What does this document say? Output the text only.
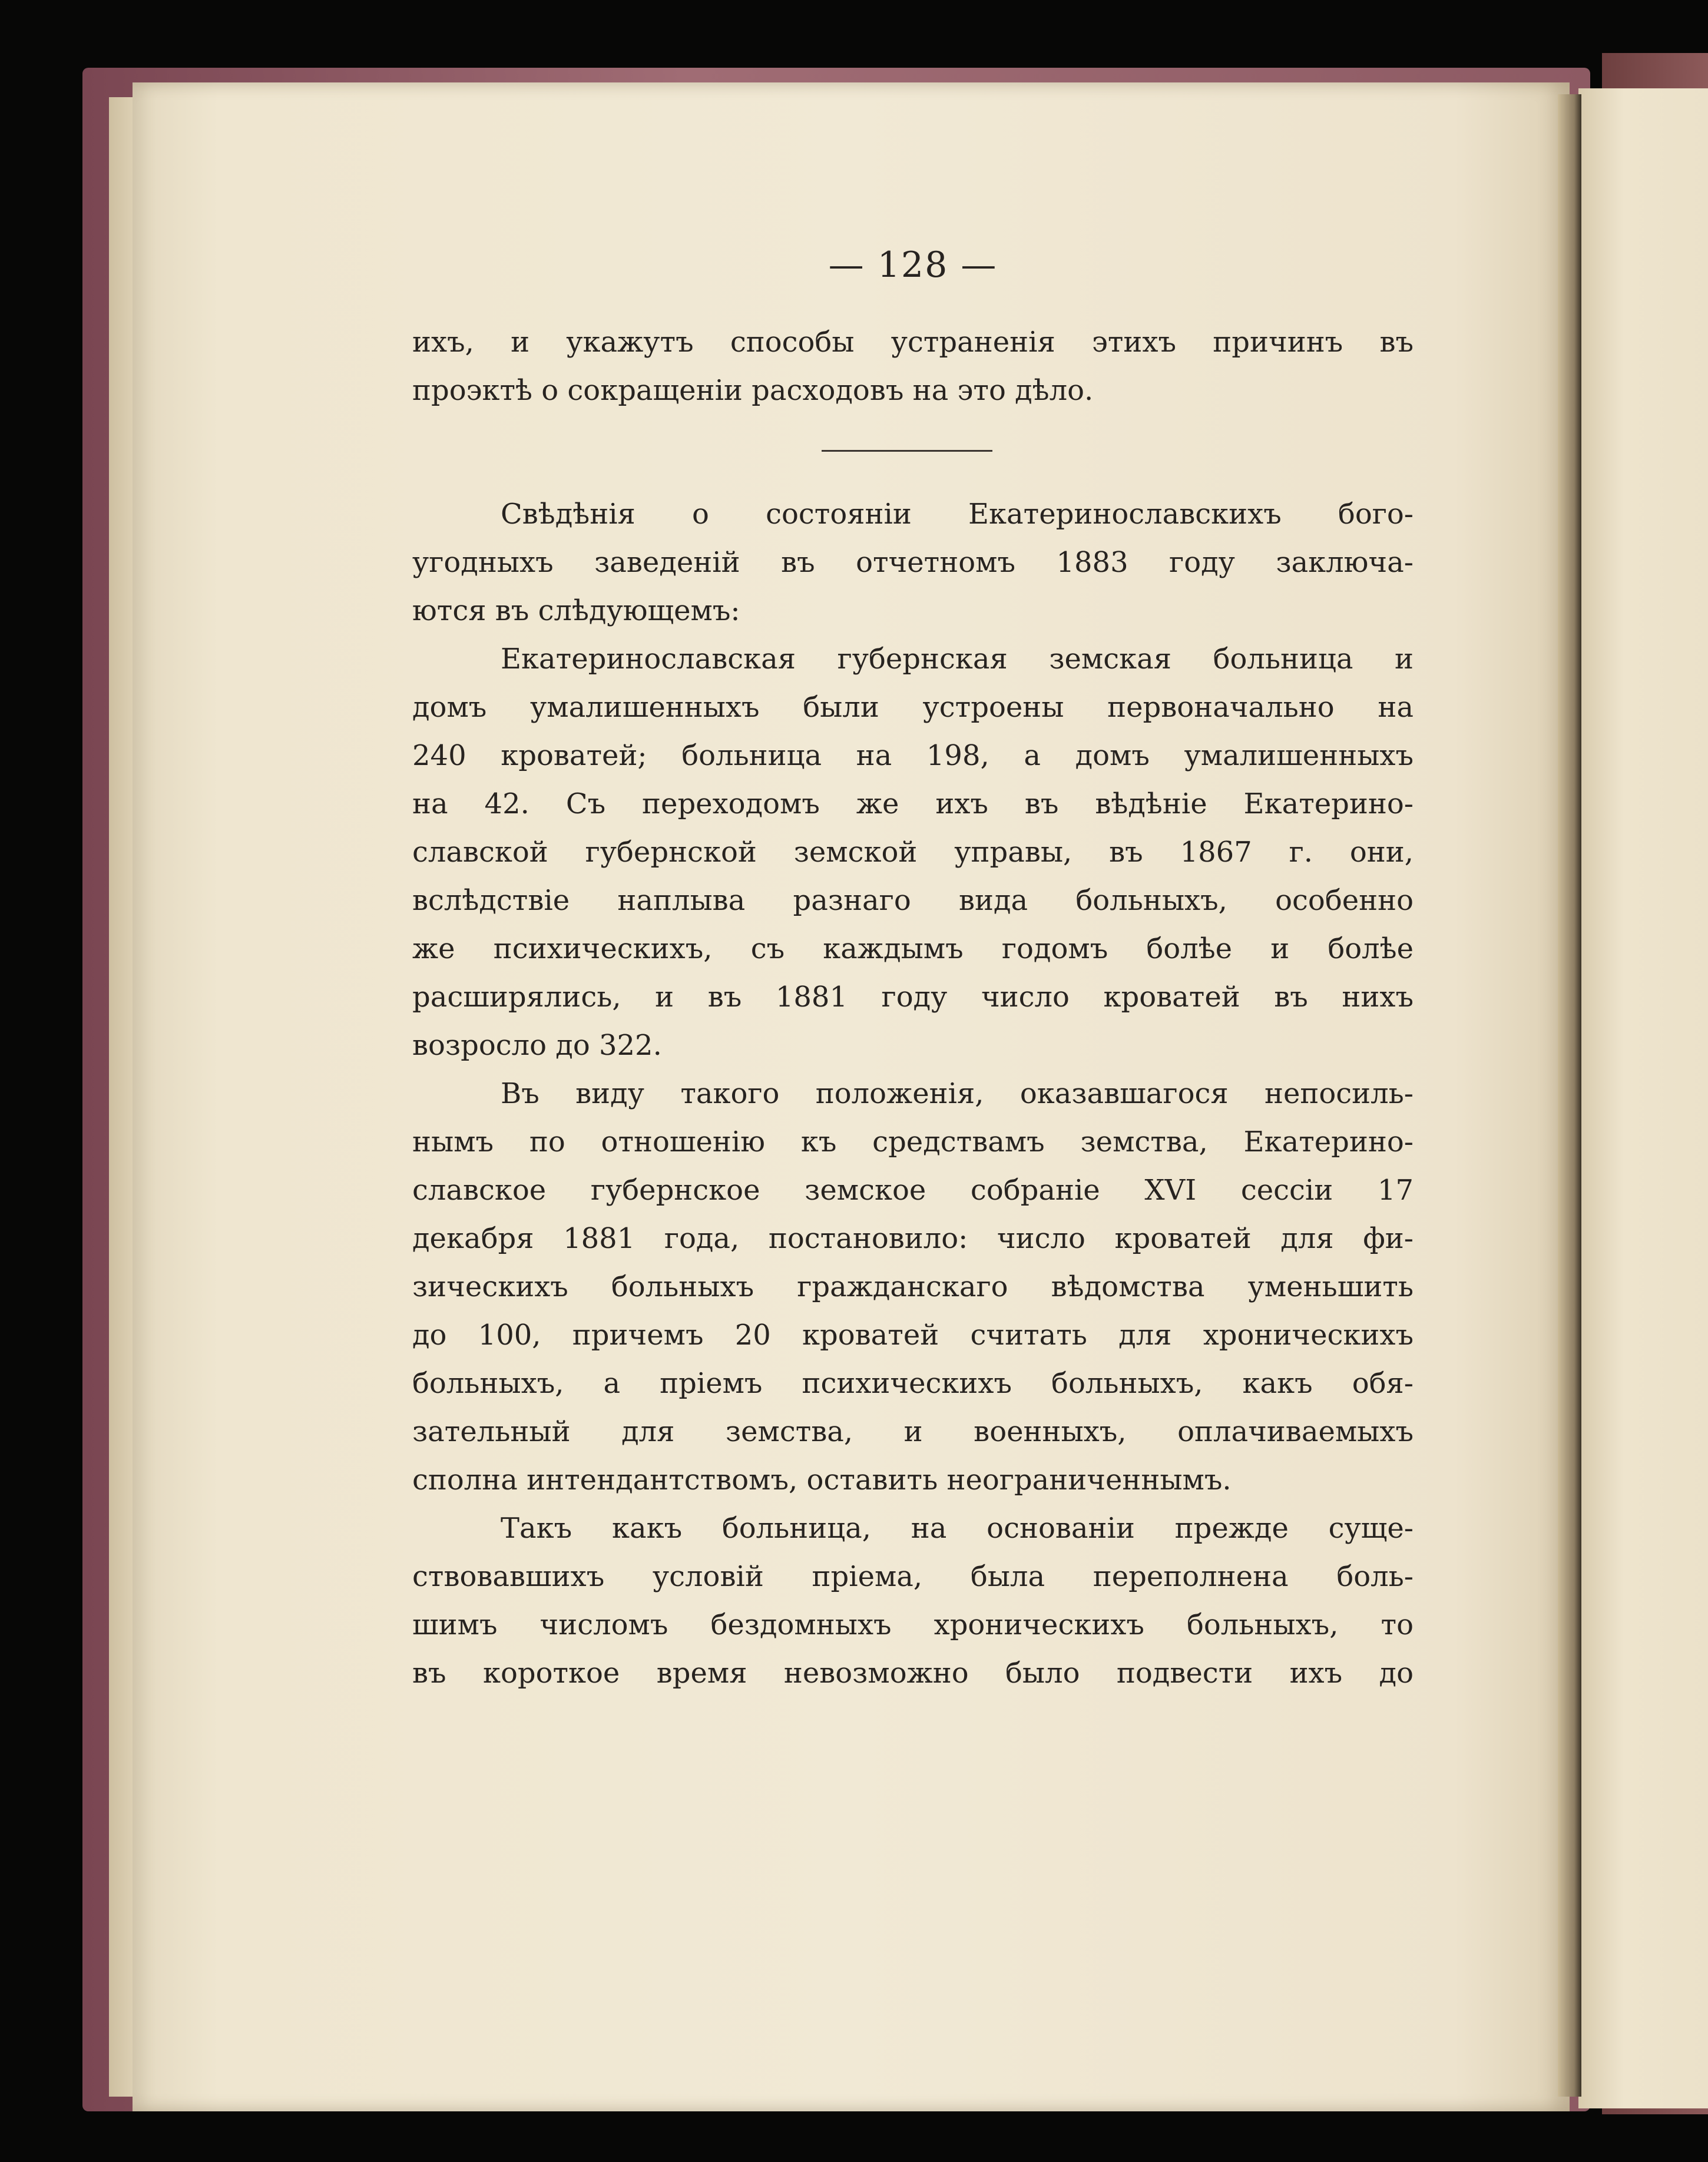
— 128 —
ихъ, и укажутъ способы устраненія этихъ причинъ въ
проэктѣ о сокращеніи расходовъ на это дѣло.
Свѣдѣнія о состояніи Екатеринославскихъ бого-
угодныхъ заведеній въ отчетномъ 1883 году заключа-
ются въ слѣдующемъ:
Екатеринославская губернская земская больница и
домъ умалишенныхъ были устроены первоначально на
240 кроватей; больница на 198, а домъ умалишенныхъ
на 42. Съ переходомъ же ихъ въ вѣдѣніе Екатерино-
славской губернской земской управы, въ 1867 г. они,
вслѣдствіе наплыва разнаго вида больныхъ, особенно
же психическихъ, съ каждымъ годомъ болѣе и болѣе
расширялись, и въ 1881 году число кроватей въ нихъ
возросло до 322.
Въ виду такого положенія, оказавшагося непосиль-
нымъ по отношенію къ средствамъ земства, Екатерино-
славское губернское земское собраніе XVI сессіи 17
декабря 1881 года, постановило: число кроватей для фи-
зическихъ больныхъ гражданскаго вѣдомства уменьшить
до 100, причемъ 20 кроватей считать для хроническихъ
больныхъ, а пріемъ психическихъ больныхъ, какъ обя-
зательный для земства, и военныхъ, оплачиваемыхъ
сполна интендантствомъ, оставить неограниченнымъ.
Такъ какъ больница, на основаніи прежде суще-
ствовавшихъ условій пріема, была переполнена боль-
шимъ числомъ бездомныхъ хроническихъ больныхъ, то
въ короткое время невозможно было подвести ихъ до
